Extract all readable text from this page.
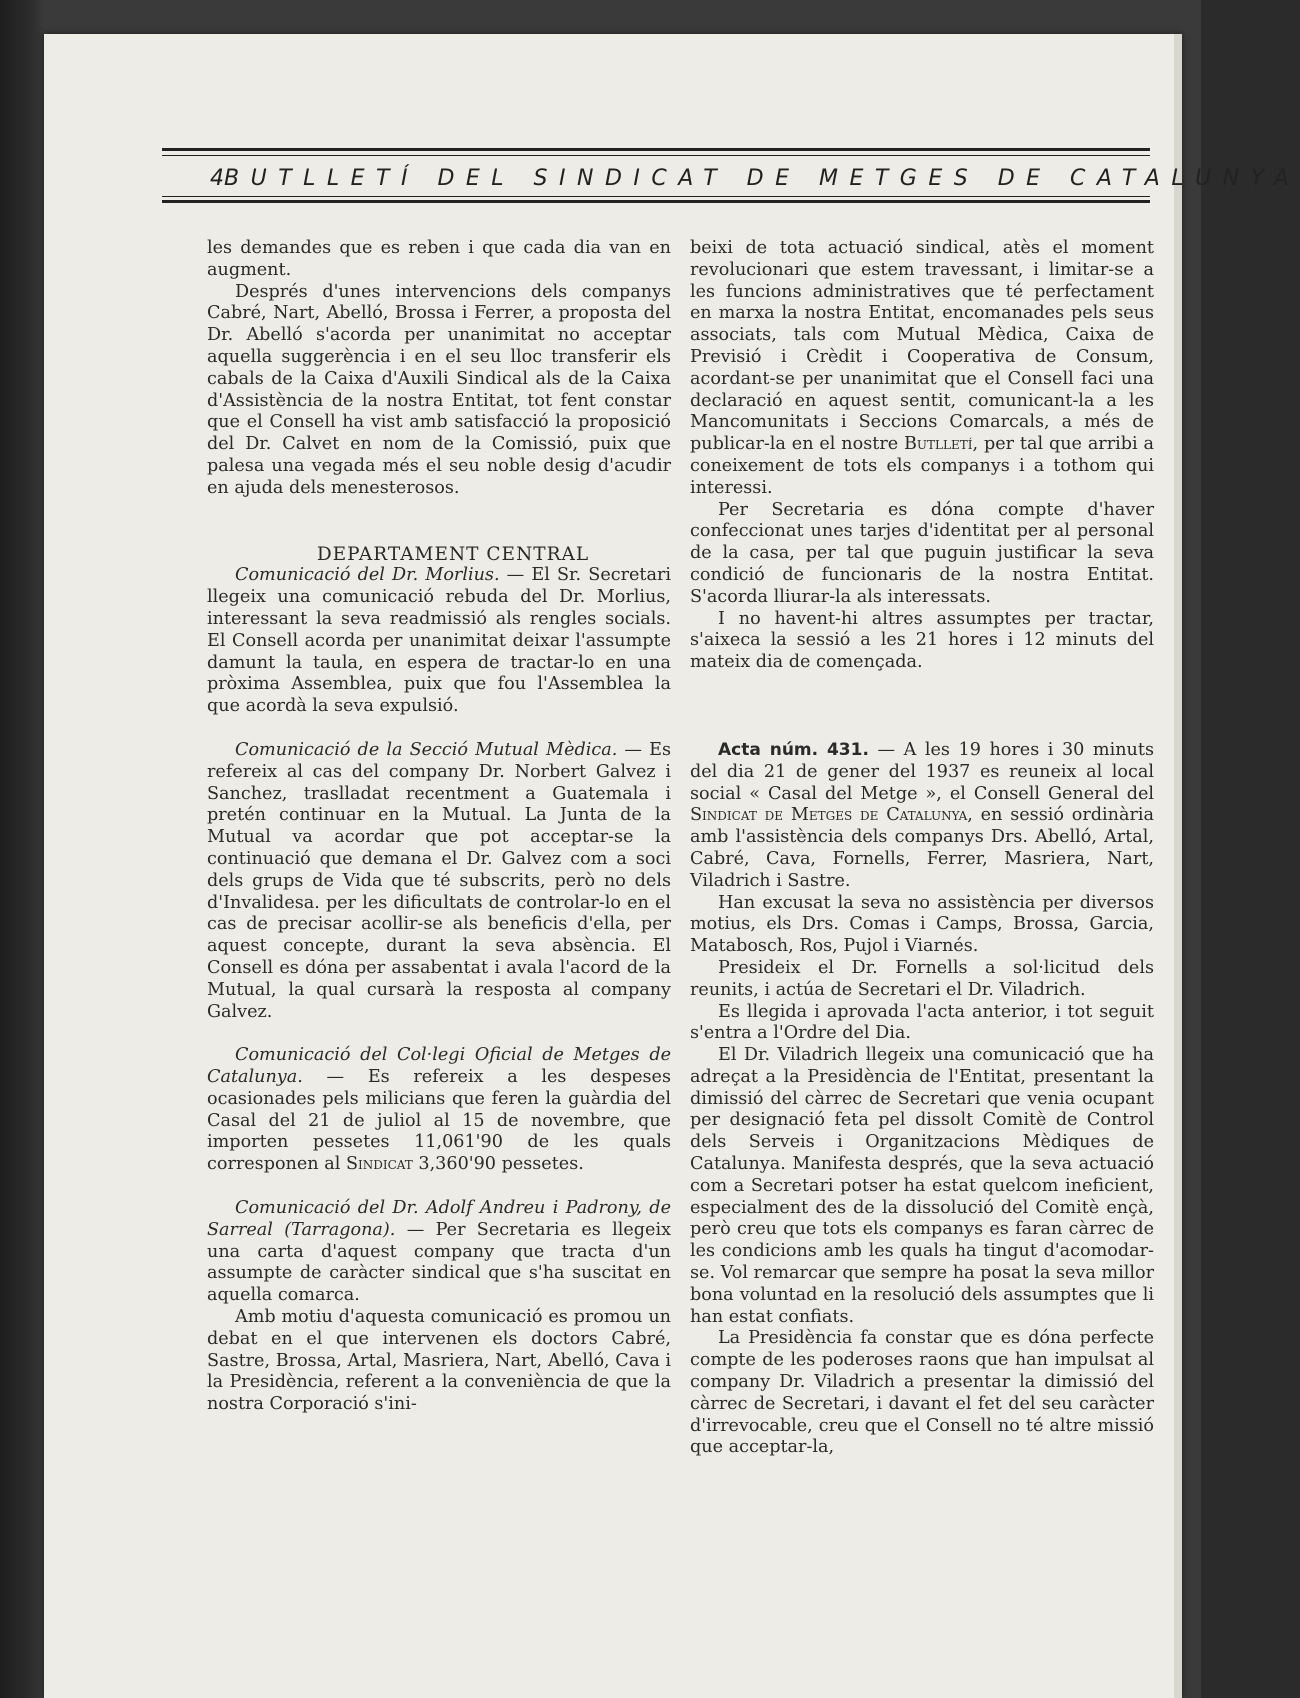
4 BUTLLETÍ DEL SINDICAT DE METGES DE CATALUNYA

les demandes que es reben i que cada dia van en augment.

Després d'unes intervencions dels companys Cabré, Nart, Abelló, Brossa i Ferrer, a proposta del Dr. Abelló s'acorda per unanimitat no acceptar aquella suggerència i en el seu lloc transferir els cabals de la Caixa d'Auxili Sindical als de la Caixa d'Assistència de la nostra Entitat, tot fent constar que el Consell ha vist amb satisfacció la proposició del Dr. Calvet en nom de la Comissió, puix que palesa una vegada més el seu noble desig d'acudir en ajuda dels menesterosos.

DEPARTAMENT CENTRAL

Comunicació del Dr. Morlius. — El Sr. Secretari llegeix una comunicació rebuda del Dr. Morlius, interessant la seva readmissió als rengles socials. El Consell acorda per unanimitat deixar l'assumpte damunt la taula, en espera de tractar-lo en una pròxima Assemblea, puix que fou l'Assemblea la que acordà la seva expulsió.

Comunicació de la Secció Mutual Mèdica. — Es refereix al cas del company Dr. Norbert Galvez i Sanchez, traslladat recentment a Guatemala i pretén continuar en la Mutual. La Junta de la Mutual va acordar que pot acceptar-se la continuació que demana el Dr. Galvez com a soci dels grups de Vida que té subscrits, però no dels d'Invalidesa. per les dificultats de controlar-lo en el cas de precisar acollir-se als beneficis d'ella, per aquest concepte, durant la seva absència. El Consell es dóna per assabentat i avala l'acord de la Mutual, la qual cursarà la resposta al company Galvez.

Comunicació del Col·legi Oficial de Metges de Catalunya. — Es refereix a les despeses ocasionades pels milicians que feren la guàrdia del Casal del 21 de juliol al 15 de novembre, que importen pessetes 11,061'90 de les quals corresponen al Sindicat 3,360'90 pessetes.

Comunicació del Dr. Adolf Andreu i Padrony, de Sarreal (Tarragona). — Per Secretaria es llegeix una carta d'aquest company que tracta d'un assumpte de caràcter sindical que s'ha suscitat en aquella comarca.

Amb motiu d'aquesta comunicació es promou un debat en el que intervenen els doctors Cabré, Sastre, Brossa, Artal, Masriera, Nart, Abelló, Cava i la Presidència, referent a la conveniència de que la nostra Corporació s'ini-

beixi de tota actuació sindical, atès el moment revolucionari que estem travessant, i limitar-se a les funcions administratives que té perfectament en marxa la nostra Entitat, encomanades pels seus associats, tals com Mutual Mèdica, Caixa de Previsió i Crèdit i Cooperativa de Consum, acordant-se per unanimitat que el Consell faci una declaració en aquest sentit, comunicant-la a les Mancomunitats i Seccions Comarcals, a més de publicar-la en el nostre Butlletí, per tal que arribi a coneixement de tots els companys i a tothom qui interessi.

Per Secretaria es dóna compte d'haver confeccionat unes tarjes d'identitat per al personal de la casa, per tal que puguin justificar la seva condició de funcionaris de la nostra Entitat. S'acorda lliurar-la als interessats.

I no havent-hi altres assumptes per tractar, s'aixeca la sessió a les 21 hores i 12 minuts del mateix dia de començada.

Acta núm. 431. — A les 19 hores i 30 minuts del dia 21 de gener del 1937 es reuneix al local social « Casal del Metge », el Consell General del Sindicat de Metges de Catalunya, en sessió ordinària amb l'assistència dels companys Drs. Abelló, Artal, Cabré, Cava, Fornells, Ferrer, Masriera, Nart, Viladrich i Sastre.

Han excusat la seva no assistència per diversos motius, els Drs. Comas i Camps, Brossa, Garcia, Matabosch, Ros, Pujol i Viarnés.

Presideix el Dr. Fornells a sol·licitud dels reunits, i actúa de Secretari el Dr. Viladrich.

Es llegida i aprovada l'acta anterior, i tot seguit s'entra a l'Ordre del Dia.

El Dr. Viladrich llegeix una comunicació que ha adreçat a la Presidència de l'Entitat, presentant la dimissió del càrrec de Secretari que venia ocupant per designació feta pel dissolt Comitè de Control dels Serveis i Organitzacions Mèdiques de Catalunya. Manifesta després, que la seva actuació com a Secretari potser ha estat quelcom ineficient, especialment des de la dissolució del Comitè ençà, però creu que tots els companys es faran càrrec de les condicions amb les quals ha tingut d'acomodar-se. Vol remarcar que sempre ha posat la seva millor bona voluntad en la resolució dels assumptes que li han estat confiats.

La Presidència fa constar que es dóna perfecte compte de les poderoses raons que han impulsat al company Dr. Viladrich a presentar la dimissió del càrrec de Secretari, i davant el fet del seu caràcter d'irrevocable, creu que el Consell no té altre missió que acceptar-la,
